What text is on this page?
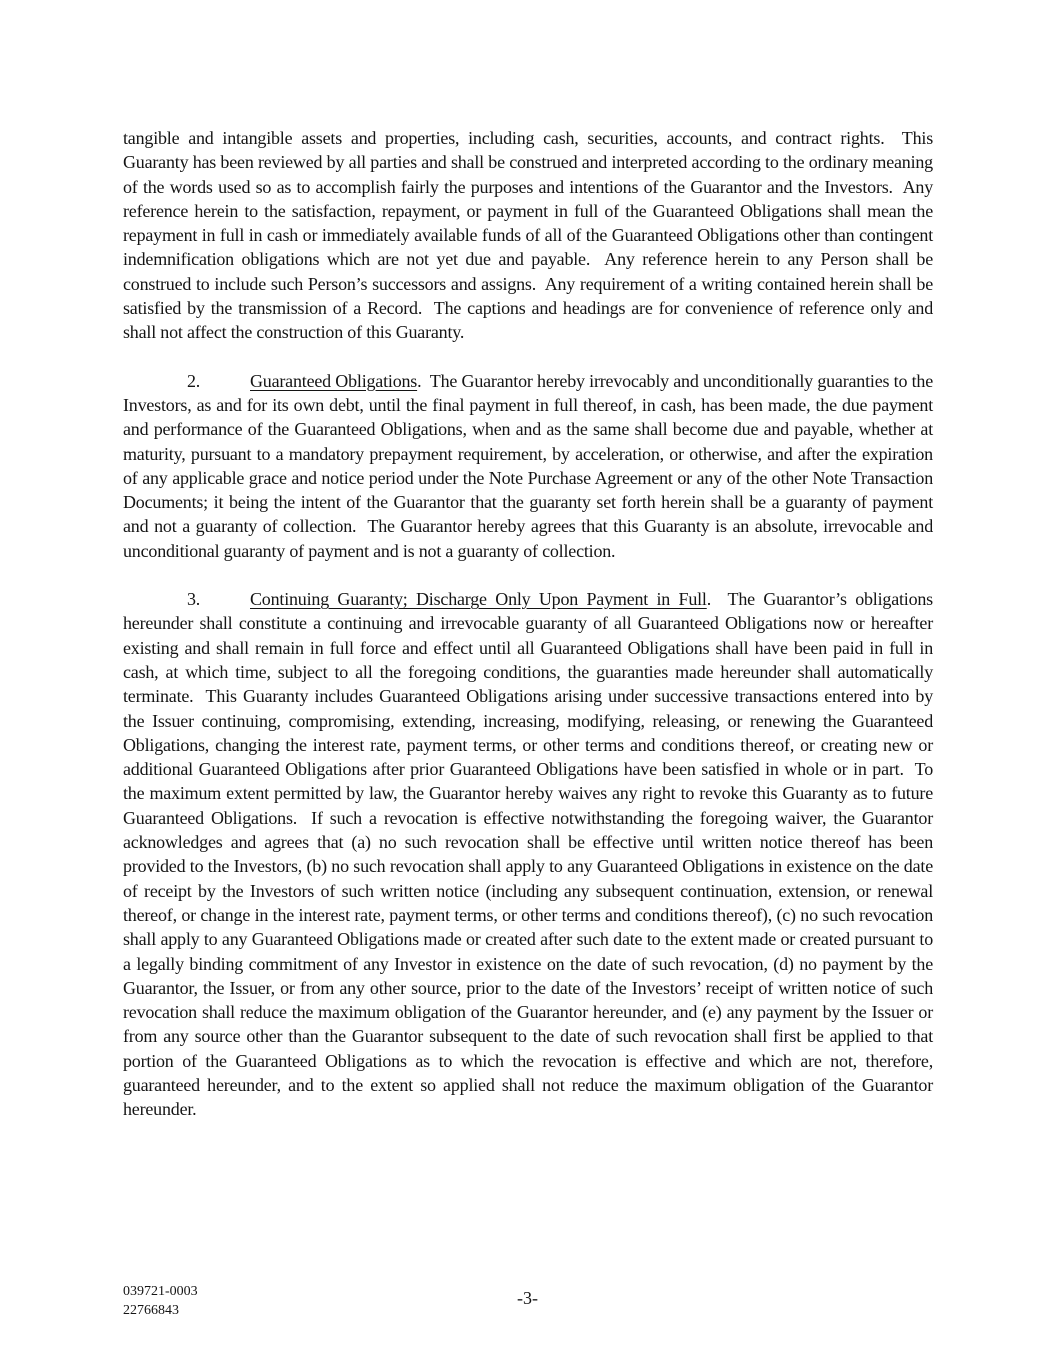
tangible and intangible assets and properties, including cash, securities, accounts, and contract rights.  This Guaranty has been reviewed by all parties and shall be construed and interpreted according to the ordinary meaning of the words used so as to accomplish fairly the purposes and intentions of the Guarantor and the Investors.  Any reference herein to the satisfaction, repayment, or payment in full of the Guaranteed Obligations shall mean the repayment in full in cash or immediately available funds of all of the Guaranteed Obligations other than contingent indemnification obligations which are not yet due and payable.  Any reference herein to any Person shall be construed to include such Person’s successors and assigns.  Any requirement of a writing contained herein shall be satisfied by the transmission of a Record.  The captions and headings are for convenience of reference only and shall not affect the construction of this Guaranty.

2.	Guaranteed Obligations.  The Guarantor hereby irrevocably and unconditionally guaranties to the Investors, as and for its own debt, until the final payment in full thereof, in cash, has been made, the due payment and performance of the Guaranteed Obligations, when and as the same shall become due and payable, whether at maturity, pursuant to a mandatory prepayment requirement, by acceleration, or otherwise, and after the expiration of any applicable grace and notice period under the Note Purchase Agreement or any of the other Note Transaction Documents; it being the intent of the Guarantor that the guaranty set forth herein shall be a guaranty of payment and not a guaranty of collection.  The Guarantor hereby agrees that this Guaranty is an absolute, irrevocable and unconditional guaranty of payment and is not a guaranty of collection.

3.	Continuing Guaranty; Discharge Only Upon Payment in Full.  The Guarantor’s obligations hereunder shall constitute a continuing and irrevocable guaranty of all Guaranteed Obligations now or hereafter existing and shall remain in full force and effect until all Guaranteed Obligations shall have been paid in full in cash, at which time, subject to all the foregoing conditions, the guaranties made hereunder shall automatically terminate.  This Guaranty includes Guaranteed Obligations arising under successive transactions entered into by the Issuer continuing, compromising, extending, increasing, modifying, releasing, or renewing the Guaranteed Obligations, changing the interest rate, payment terms, or other terms and conditions thereof, or creating new or additional Guaranteed Obligations after prior Guaranteed Obligations have been satisfied in whole or in part.  To the maximum extent permitted by law, the Guarantor hereby waives any right to revoke this Guaranty as to future Guaranteed Obligations.  If such a revocation is effective notwithstanding the foregoing waiver, the Guarantor acknowledges and agrees that (a) no such revocation shall be effective until written notice thereof has been provided to the Investors, (b) no such revocation shall apply to any Guaranteed Obligations in existence on the date of receipt by the Investors of such written notice (including any subsequent continuation, extension, or renewal thereof, or change in the interest rate, payment terms, or other terms and conditions thereof), (c) no such revocation shall apply to any Guaranteed Obligations made or created after such date to the extent made or created pursuant to a legally binding commitment of any Investor in existence on the date of such revocation, (d) no payment by the Guarantor, the Issuer, or from any other source, prior to the date of the Investors’ receipt of written notice of such revocation shall reduce the maximum obligation of the Guarantor hereunder, and (e) any payment by the Issuer or from any source other than the Guarantor subsequent to the date of such revocation shall first be applied to that portion of the Guaranteed Obligations as to which the revocation is effective and which are not, therefore, guaranteed hereunder, and to the extent so applied shall not reduce the maximum obligation of the Guarantor hereunder.

039721-0003
22766843
-3-
